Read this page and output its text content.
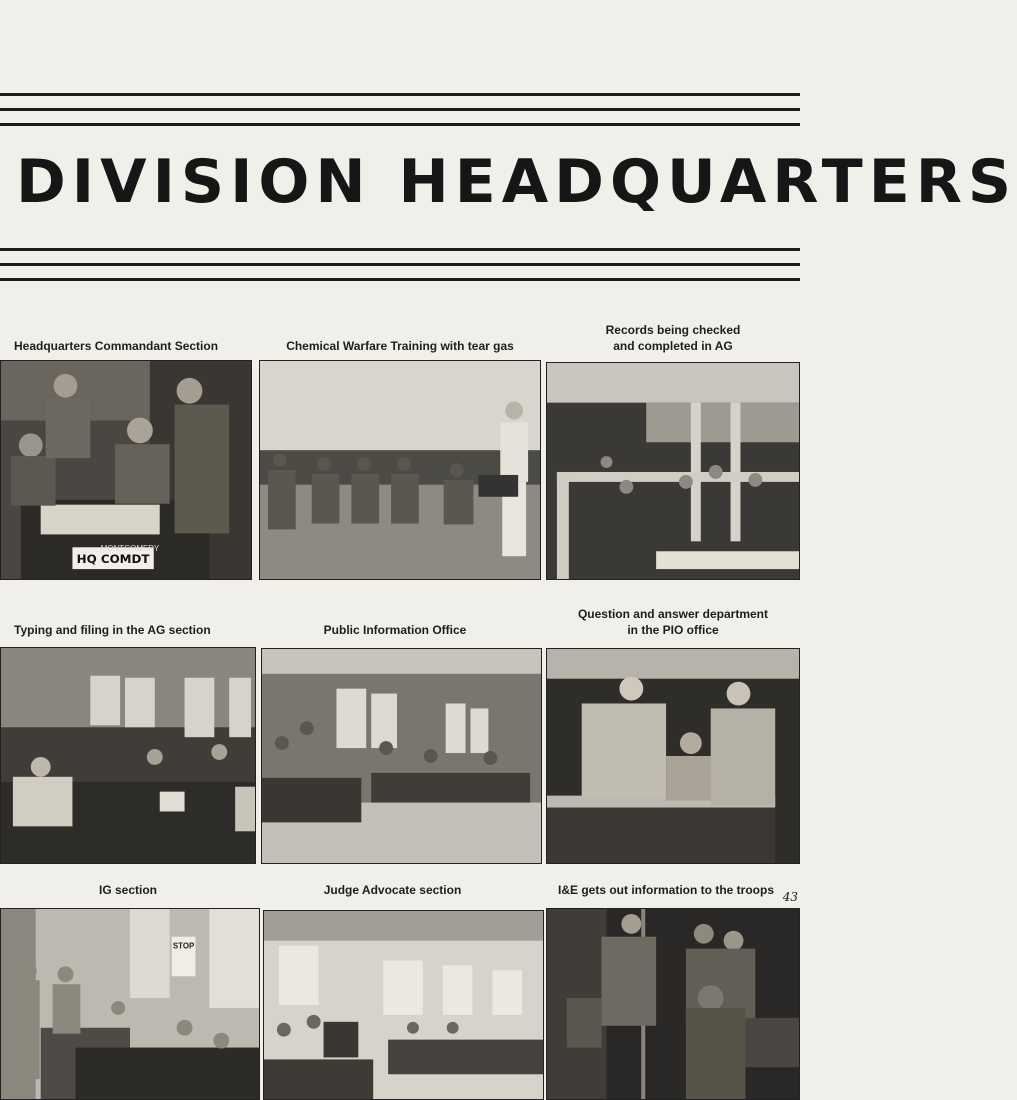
DIVISION HEADQUARTERS
Headquarters Commandant Section	Chemical Warfare Training with tear gas
Records being checked
and completed in AG
HQ COMDT
MONTGOMERY
Typing and filing in the AG section	Public Information Office
Question and answer department
in the PIO office
IG section	Judge Advocate section	I&E gets out information to the troops 43
STOP
